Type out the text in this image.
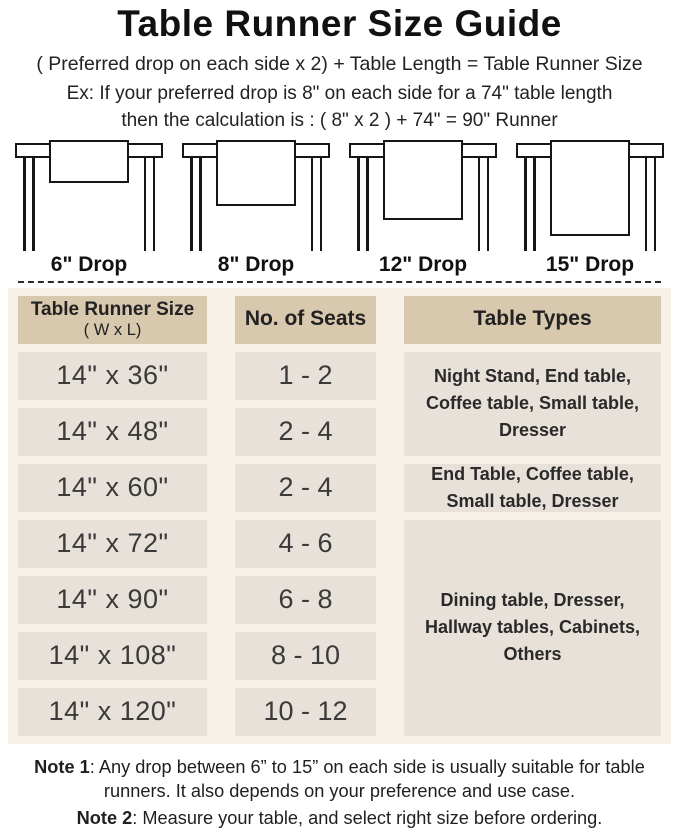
Table Runner Size Guide
( Preferred drop on each side x 2) + Table Length = Table Runner Size
Ex: If your preferred drop is 8" on each side for a 74" table length
then the calculation is : ( 8" x 2 ) + 74" = 90" Runner
6" Drop	8" Drop	12" Drop	15" Drop
Table Runner Size
( W x L)	No. of Seats	Table Types
14" x 36"	1 - 2	Night Stand, End table, Coffee table, Small table, Dresser
14" x 48"	2 - 4
14" x 60"	2 - 4	End Table, Coffee table, Small table, Dresser
14" x 72"	4 - 6
Dining table, Dresser, Hallway tables, Cabinets, Others
14" x 90"	6 - 8
14" x 108"	8 - 10
14" x 120"	10 - 12

Note 1: Any drop between 6” to 15” on each side is usually suitable for table runners. It also depends on your preference and use case.

Note 2: Measure your table, and select right size before ordering.
